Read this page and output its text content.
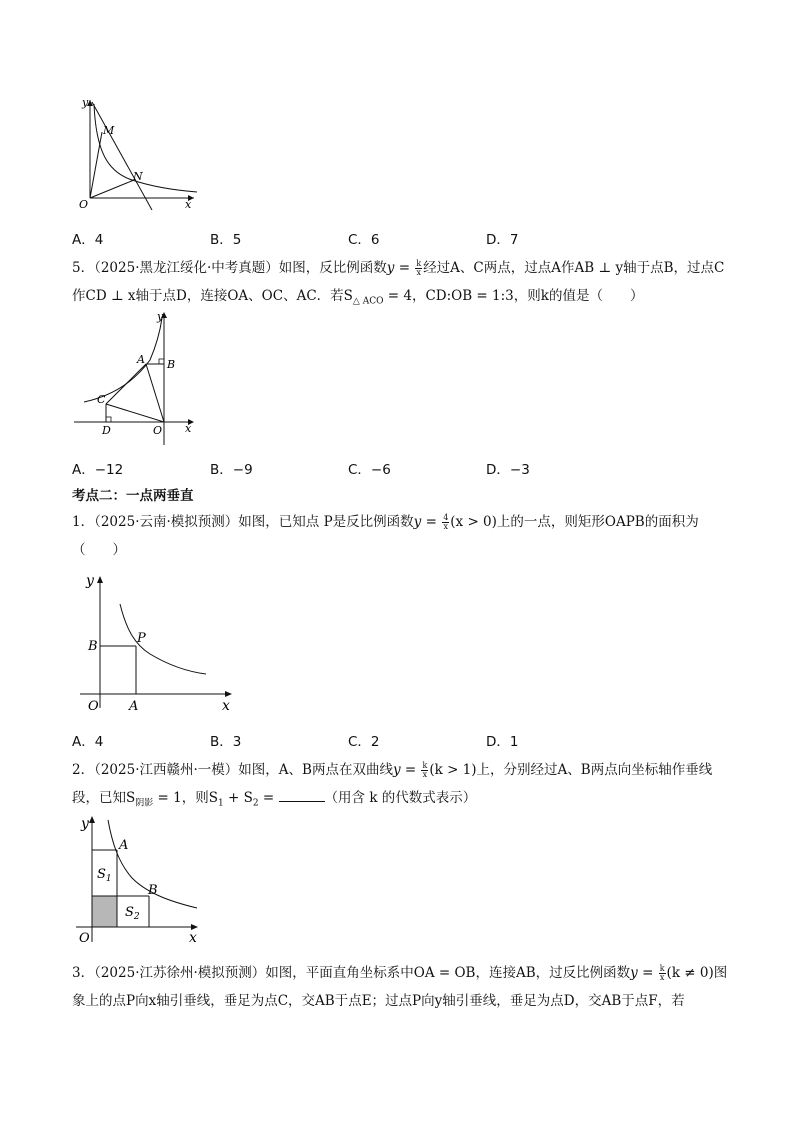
y
M
N
O	x
A．4	B．5	C．6	D．7
5．（2025·黑龙江绥化·中考真题）如图，反比例函数$y = \frac{k}{x}$ 经过A、C两点，过点A作AB ⊥ y轴于点B，过点C
作CD ⊥ x轴于点D，连接OA、OC、AC．若$S_{\triangle ACO} = 4$，CD:OB = 1:3，则k的值是（　　）
y
A B
C
D	O x
A．−12	B．−9	C．−6	D．−3
考点二：一点两垂直
1．（2025·云南·模拟预测）如图，已知点 P是反比例函数$y = \frac{4}{x} (x > 0)$上的一点，则矩形OAPB的面积为
（　　）
y
B
P
O A	x
A．4	B．3	C．2	D．1
2．（2025·江西赣州·一模）如图，A、B两点在双曲线$y = \frac{k}{x} (k > 1)$上，分别经过A、B两点向坐标轴作垂线
段，已知$S_{阴影} = 1$，则$S_1 + S_2$ =	（用含 k 的代数式表示）
y
A
B
$S_1$
$S_2$
O	x
3．（2025·江苏徐州·模拟预测）如图，平面直角坐标系中OA = OB，连接AB，过反比例函数$y = \frac{k}{x} (k \ne 0)$图
象上的点P向x轴引垂线，垂足为点C，交AB于点E；过点P向y轴引垂线，垂足为点D，交AB于点F，若
